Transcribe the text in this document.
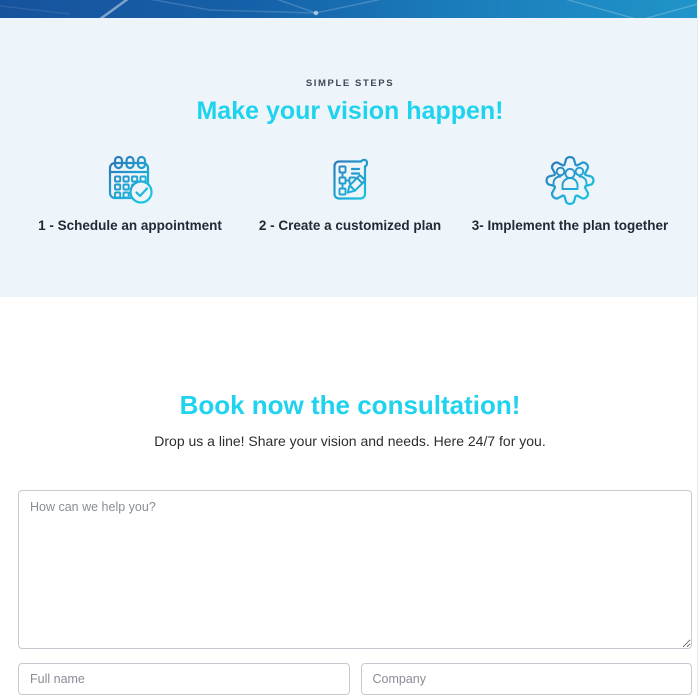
SIMPLE STEPS
Make your vision happen!
1 - Schedule an appointment	2 - Create a customized plan 3- Implement the plan together
Book now the consultation!
Drop us a line! Share your vision and needs. Here 24/7 for you.
How can we help you?
Full name
Company
